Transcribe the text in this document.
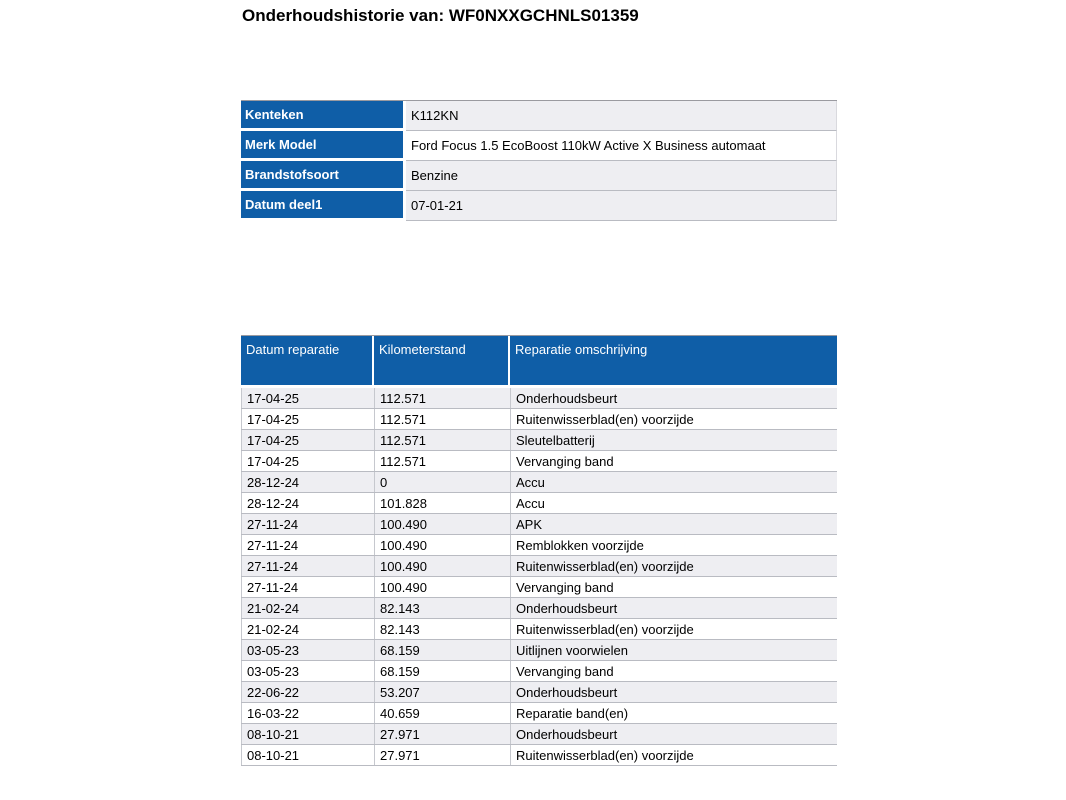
Onderhoudshistorie van: WF0NXXGCHNLS01359
Kenteken	K112KN
Merk Model	Ford Focus 1.5 EcoBoost 110kW Active X Business automaat
Brandstofsoort	Benzine
Datum deel1	07-01-21
Datum reparatie	Kilometerstand	Reparatie omschrijving
17-04-25	112.571	Onderhoudsbeurt
17-04-25	112.571	Ruitenwisserblad(en) voorzijde
17-04-25	112.571	Sleutelbatterij
17-04-25	112.571	Vervanging band
28-12-24	0	Accu
28-12-24	101.828	Accu
27-11-24	100.490	APK
27-11-24	100.490	Remblokken voorzijde
27-11-24	100.490	Ruitenwisserblad(en) voorzijde
27-11-24	100.490	Vervanging band
21-02-24	82.143	Onderhoudsbeurt
21-02-24	82.143	Ruitenwisserblad(en) voorzijde
03-05-23	68.159	Uitlijnen voorwielen
03-05-23	68.159	Vervanging band
22-06-22	53.207	Onderhoudsbeurt
16-03-22	40.659	Reparatie band(en)
08-10-21	27.971	Onderhoudsbeurt
08-10-21	27.971	Ruitenwisserblad(en) voorzijde
